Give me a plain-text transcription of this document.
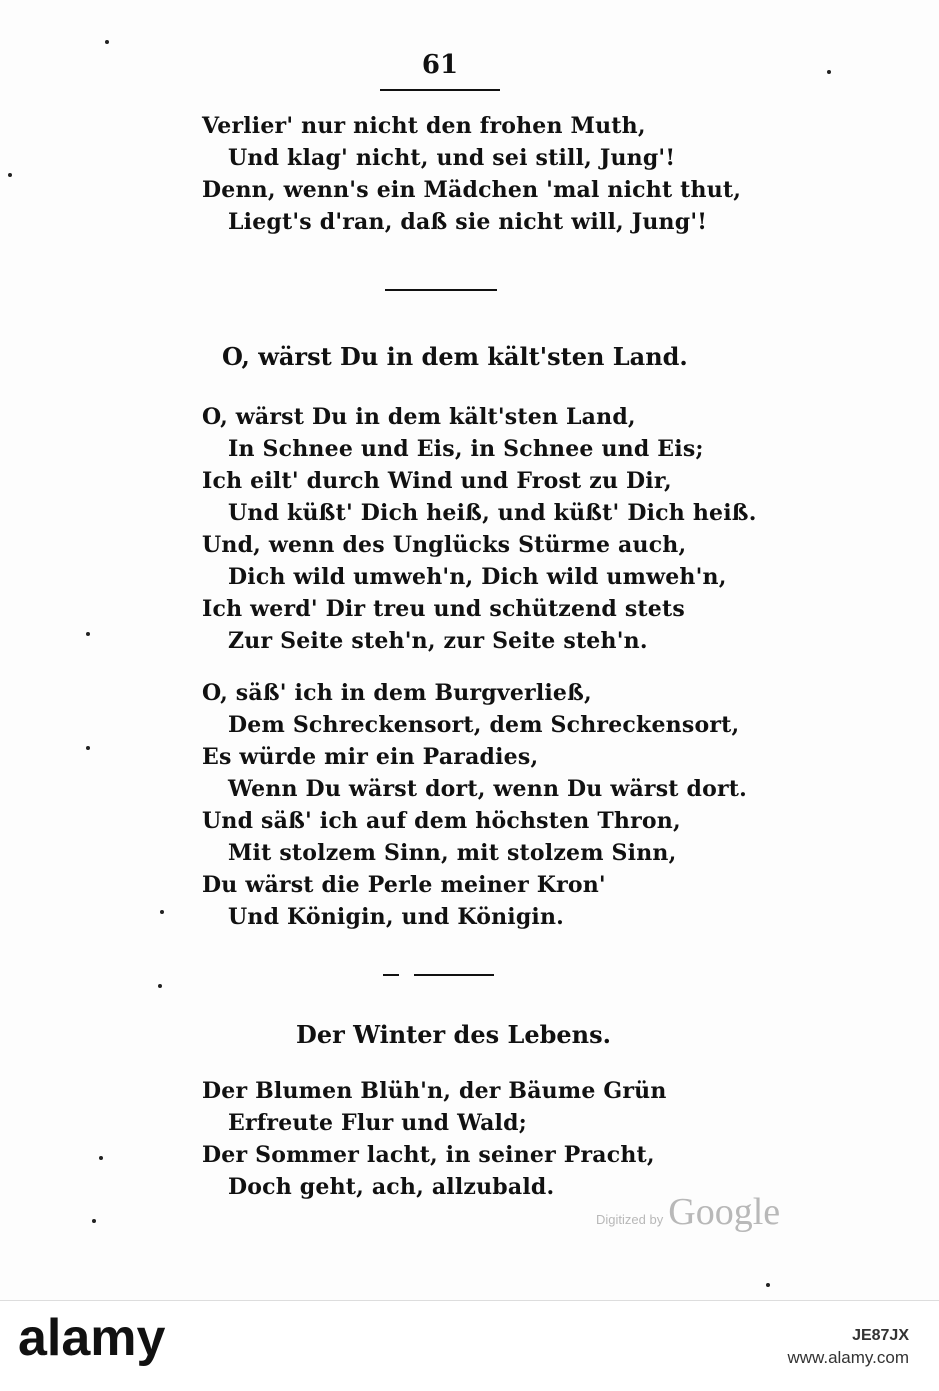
61
Verlier' nur nicht den frohen Muth,
Und klag' nicht, und sei still, Jung'!
Denn, wenn's ein Mädchen 'mal nicht thut,
Liegt's d'ran, daß sie nicht will, Jung'!
O, wärst Du in dem kält'sten Land.
O, wärst Du in dem kält'sten Land,
In Schnee und Eis, in Schnee und Eis;
Ich eilt' durch Wind und Frost zu Dir,
Und küßt' Dich heiß, und küßt' Dich heiß.
Und, wenn des Unglücks Stürme auch,
Dich wild umweh'n, Dich wild umweh'n,
Ich werd' Dir treu und schützend stets
Zur Seite steh'n, zur Seite steh'n.
O, säß' ich in dem Burgverließ,
Dem Schreckensort, dem Schreckensort,
Es würde mir ein Paradies,
Wenn Du wärst dort, wenn Du wärst dort.
Und säß' ich auf dem höchsten Thron,
Mit stolzem Sinn, mit stolzem Sinn,
Du wärst die Perle meiner Kron'
Und Königin, und Königin.
Der Winter des Lebens.
Der Blumen Blüh'n, der Bäume Grün
Erfreute Flur und Wald;
Der Sommer lacht, in seiner Pracht,
Doch geht, ach, allzubald.
Digitized by Google
alamy	JE87JX
www.alamy.com
